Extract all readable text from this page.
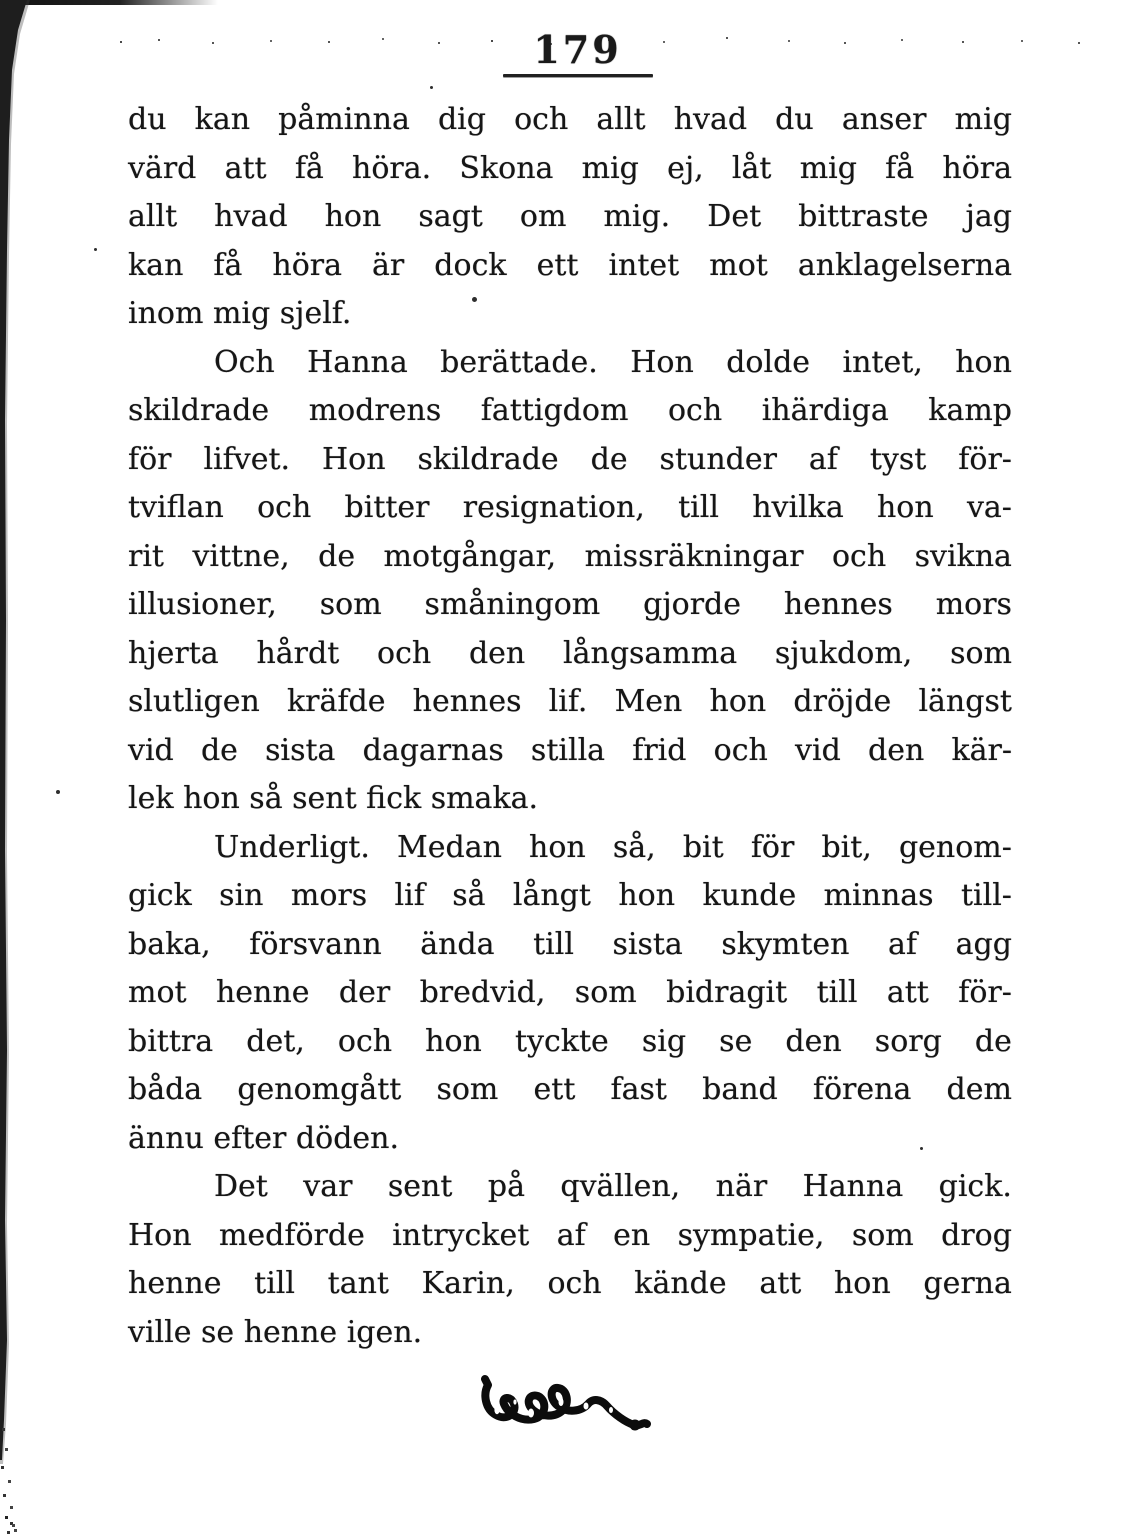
179
du kan påminna dig och allt hvad du anser mig
värd att få höra. Skona mig ej, låt mig få höra
allt hvad hon sagt om mig. Det bittraste jag
kan få höra är dock ett intet mot anklagelserna
inom mig sjelf.
Och Hanna berättade. Hon dolde intet, hon
skildrade modrens fattigdom och ihärdiga kamp
för lifvet. Hon skildrade de stunder af tyst för-
tviflan och bitter resignation, till hvilka hon va-
rit vittne, de motgångar, missräkningar och svikna
illusioner, som småningom gjorde hennes mors
hjerta hårdt och den långsamma sjukdom, som
slutligen kräfde hennes lif. Men hon dröjde längst
vid de sista dagarnas stilla frid och vid den kär-
lek hon så sent fick smaka.
Underligt. Medan hon så, bit för bit, genom-
gick sin mors lif så långt hon kunde minnas till-
baka, försvann ända till sista skymten af agg
mot henne der bredvid, som bidragit till att för-
bittra det, och hon tyckte sig se den sorg de
båda genomgått som ett fast band förena dem
ännu efter döden.
Det var sent på qvällen, när Hanna gick.
Hon medförde intrycket af en sympatie, som drog
henne till tant Karin, och kände att hon gerna
ville se henne igen.
